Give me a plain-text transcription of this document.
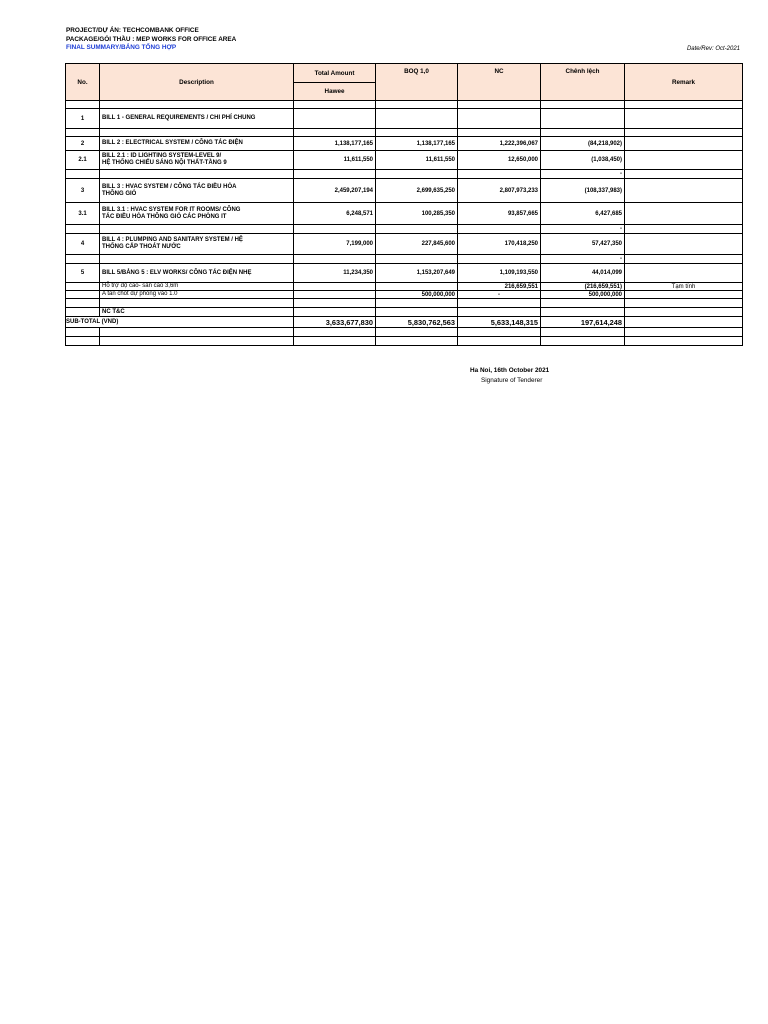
PROJECT/DỰ ÁN: TECHCOMBANK OFFICE
PACKAGE/GÓI THẦU : MEP WORKS FOR OFFICE AREA
FINAL SUMMARY/BẢNG TỔNG HỢP	Date/Rev: Oct-2021
No.	Description	Total Amount	BOQ 1,0	NC	Chênh lệch	Remark
		Hawee				

1	BILL 1 - GENERAL REQUIREMENTS / CHI PHÍ CHUNG					

2	BILL 2 : ELECTRICAL SYSTEM / CÔNG TÁC ĐIỆN	1,138,177,165	1,138,177,165	1,222,396,067	(84,218,902)	
2.1	BILL 2.1 : ID LIGHTING SYSTEM-LEVEL 9/
HỆ THỐNG CHIẾU SÁNG NỘI THẤT-TẦNG 9	11,611,550	11,611,550	12,650,000	(1,038,450)	
					-	
3	BILL 3 : HVAC SYSTEM / CÔNG TÁC ĐIỀU HÒA
THÔNG GIÓ	2,459,207,194	2,699,635,250	2,807,973,233	(108,337,983)	
3.1	BILL 3.1 : HVAC SYSTEM FOR IT ROOMS/ CÔNG
TÁC ĐIỀU HÒA THÔNG GIÓ CÁC PHÒNG IT	6,248,571	100,285,350	93,857,665	6,427,685	
					-	
4	BILL 4 : PLUMPING AND SANITARY SYSTEM / HỆ
THỐNG CẤP THOÁT NƯỚC	7,199,000	227,845,600	170,418,250	57,427,350	
					-	
5	BILL 5/BẢNG 5 : ELV WORKS/ CÔNG TÁC ĐIỆN NHẸ	11,234,350	1,153,207,649	1,109,193,550	44,014,099	
	Hỗ trợ độ cao- sàn cao 3,6m			216,659,551	(216,659,551)	Tạm tính
	A tấn chốt dự phòng vào 1.0		500,000,000	-	500,000,000	

	NC T&C					
SUB-TOTAL (VND)		3,633,677,830	5,830,762,563	5,633,148,315	197,614,248	

Ha Noi, 16th October 2021
Signature of Tenderer
